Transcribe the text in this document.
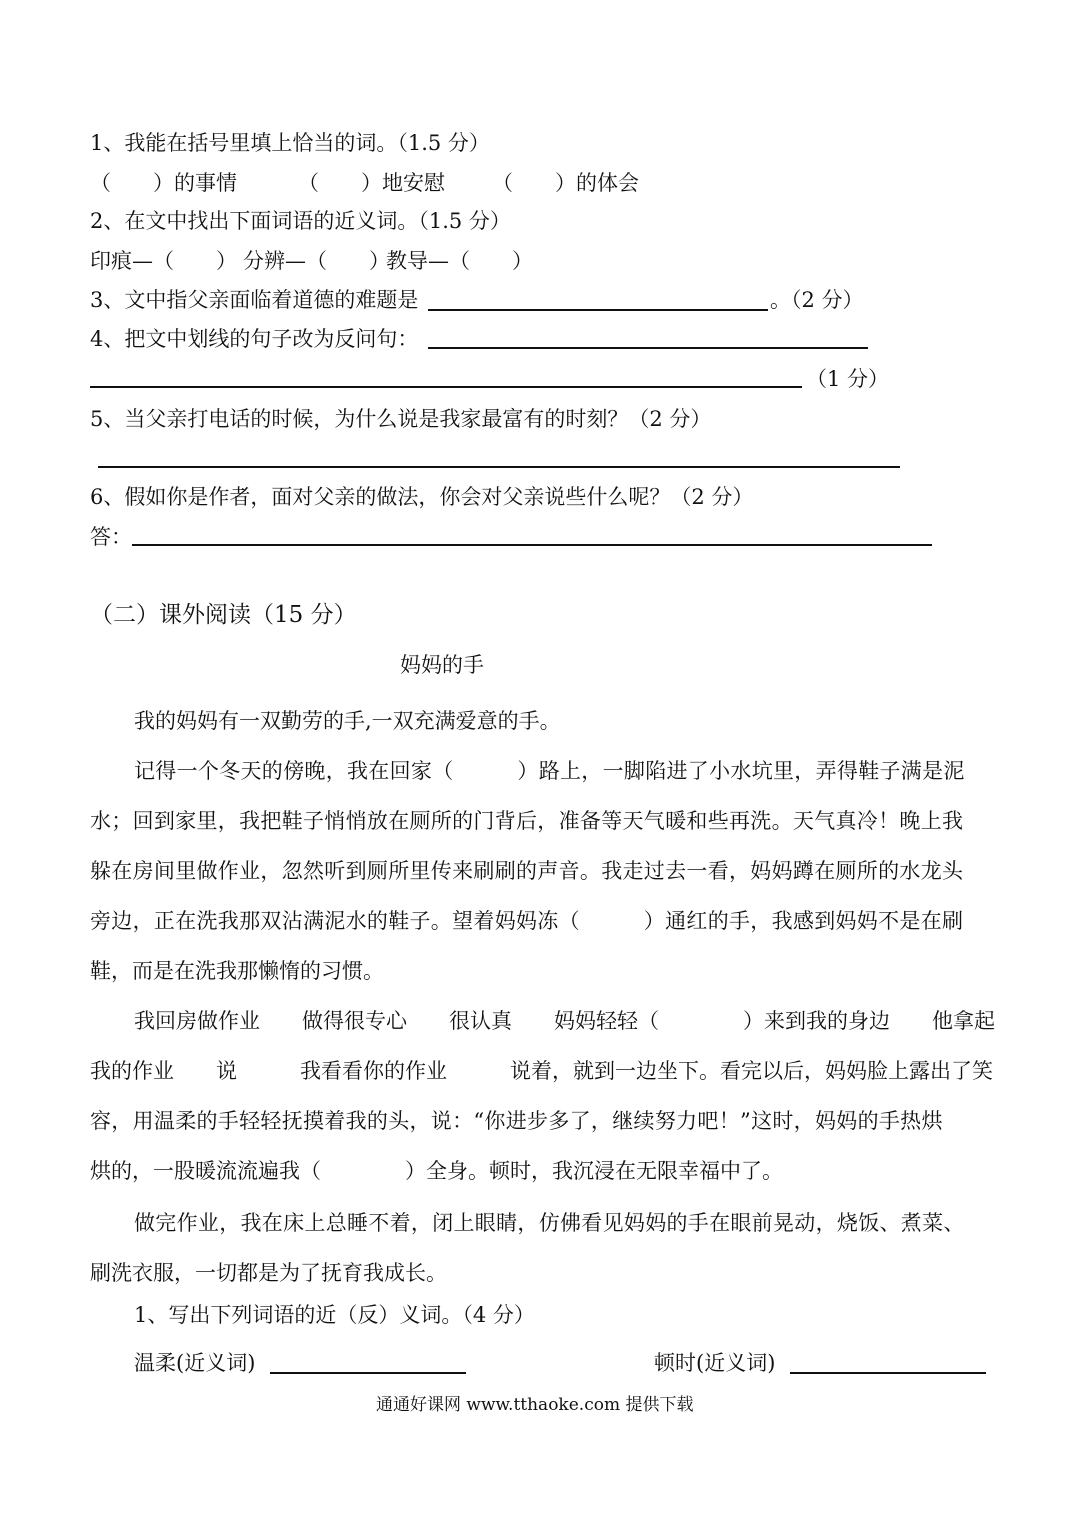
1、我能在括号里填上恰当的词。（1.5 分）
（　　）的事情	（　　）地安慰 （　　）的体会
2、在文中找出下面词语的近义词。（1.5 分）
印痕—（　　） 分辨—（　　）
教导—（　　）
3、文中指父亲面临着道德的难题是	。（2 分）
4、把文中划线的句子改为反问句：
（1 分）
5、当父亲打电话的时候，为什么说是我家最富有的时刻？（2 分）
6、假如你是作者，面对父亲的做法，你会对父亲说些什么呢？（2 分）
答：
（二）课外阅读（15 分）
妈妈的手
我的妈妈有一双勤劳的手,一双充满爱意的手。
记得一个冬天的傍晚，我在回家（　　　）路上，一脚陷进了小水坑里，弄得鞋子满是泥
水；回到家里，我把鞋子悄悄放在厕所的门背后，准备等天气暖和些再洗。天气真冷！晚上我
躲在房间里做作业，忽然听到厕所里传来刷刷的声音。我走过去一看，妈妈蹲在厕所的水龙头
旁边，正在洗我那双沾满泥水的鞋子。望着妈妈冻（　　　）通红的手，我感到妈妈不是在刷
鞋，而是在洗我那懒惰的习惯。
我回房做作业　　做得很专心　　很认真　　妈妈轻轻（　　　　）来到我的身边　　他拿起
我的作业　　说　　　我看看你的作业　　　说着，就到一边坐下。看完以后，妈妈脸上露出了笑
容，用温柔的手轻轻抚摸着我的头，说：“你进步多了，继续努力吧！”这时，妈妈的手热烘
烘的，一股暖流流遍我（　　　　）全身。顿时，我沉浸在无限幸福中了。
做完作业，我在床上总睡不着，闭上眼睛，仿佛看见妈妈的手在眼前晃动，烧饭、煮菜、
刷洗衣服，一切都是为了抚育我成长。
1、写出下列词语的近（反）义词。（4 分）
温柔(近义词)	顿时(近义词)
通通好课网 www.tthaoke.com 提供下载
